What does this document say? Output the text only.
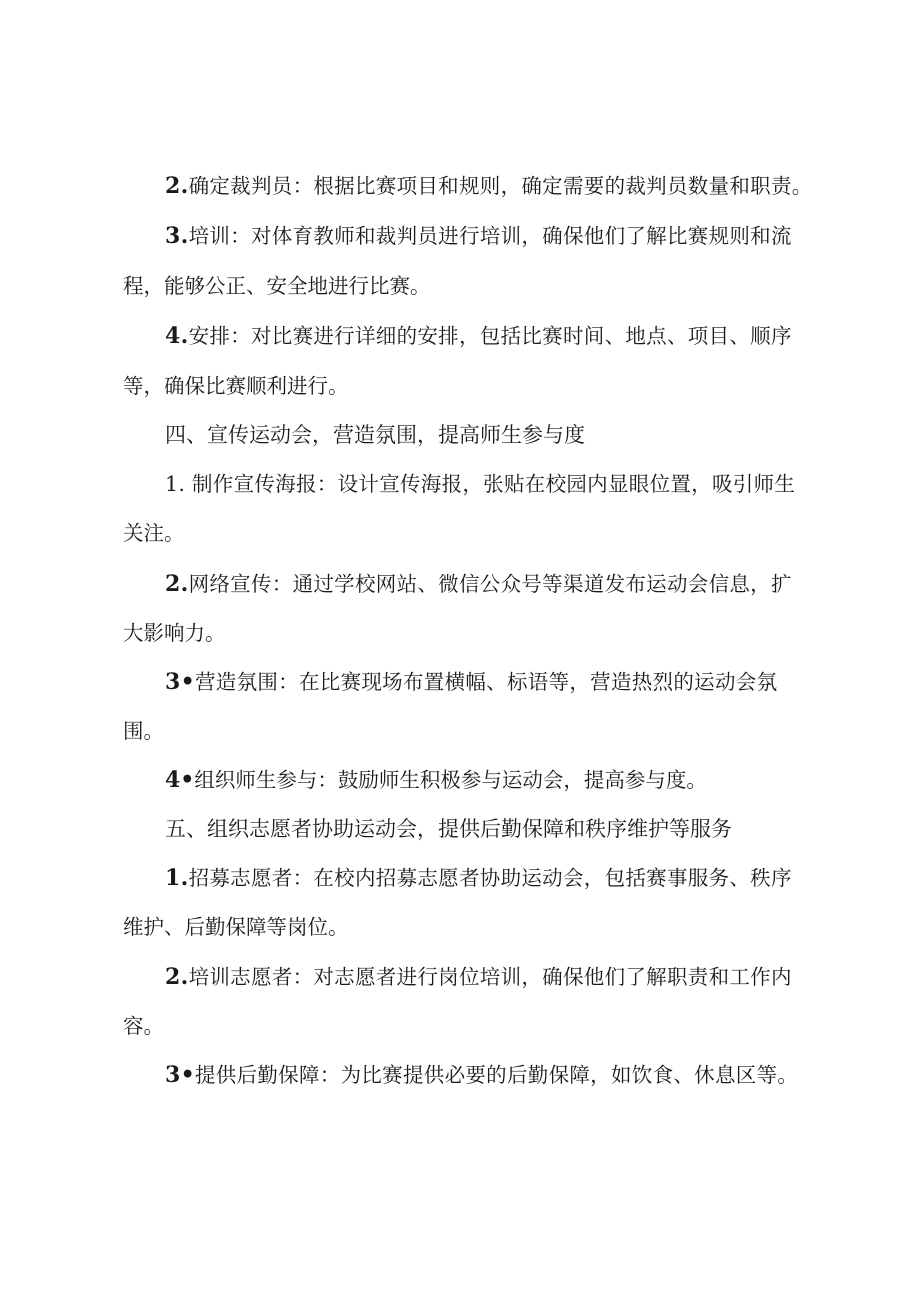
2.确定裁判员：根据比赛项目和规则，确定需要的裁判员数量和职责。

3.培训：对体育教师和裁判员进行培训，确保他们了解比赛规则和流

程，能够公正、安全地进行比赛。

4.安排：对比赛进行详细的安排，包括比赛时间、地点、项目、顺序

等，确保比赛顺利进行。

四、宣传运动会，营造氛围，提高师生参与度

1. 制作宣传海报：设计宣传海报，张贴在校园内显眼位置，吸引师生

关注。

2.网络宣传：通过学校网站、微信公众号等渠道发布运动会信息，扩

大影响力。

3•营造氛围：在比赛现场布置横幅、标语等，营造热烈的运动会氛

围。

4•组织师生参与：鼓励师生积极参与运动会，提高参与度。

五、组织志愿者协助运动会，提供后勤保障和秩序维护等服务

1.招募志愿者：在校内招募志愿者协助运动会，包括赛事服务、秩序

维护、后勤保障等岗位。

2.培训志愿者：对志愿者进行岗位培训，确保他们了解职责和工作内

容。

3•提供后勤保障：为比赛提供必要的后勤保障，如饮食、休息区等。
